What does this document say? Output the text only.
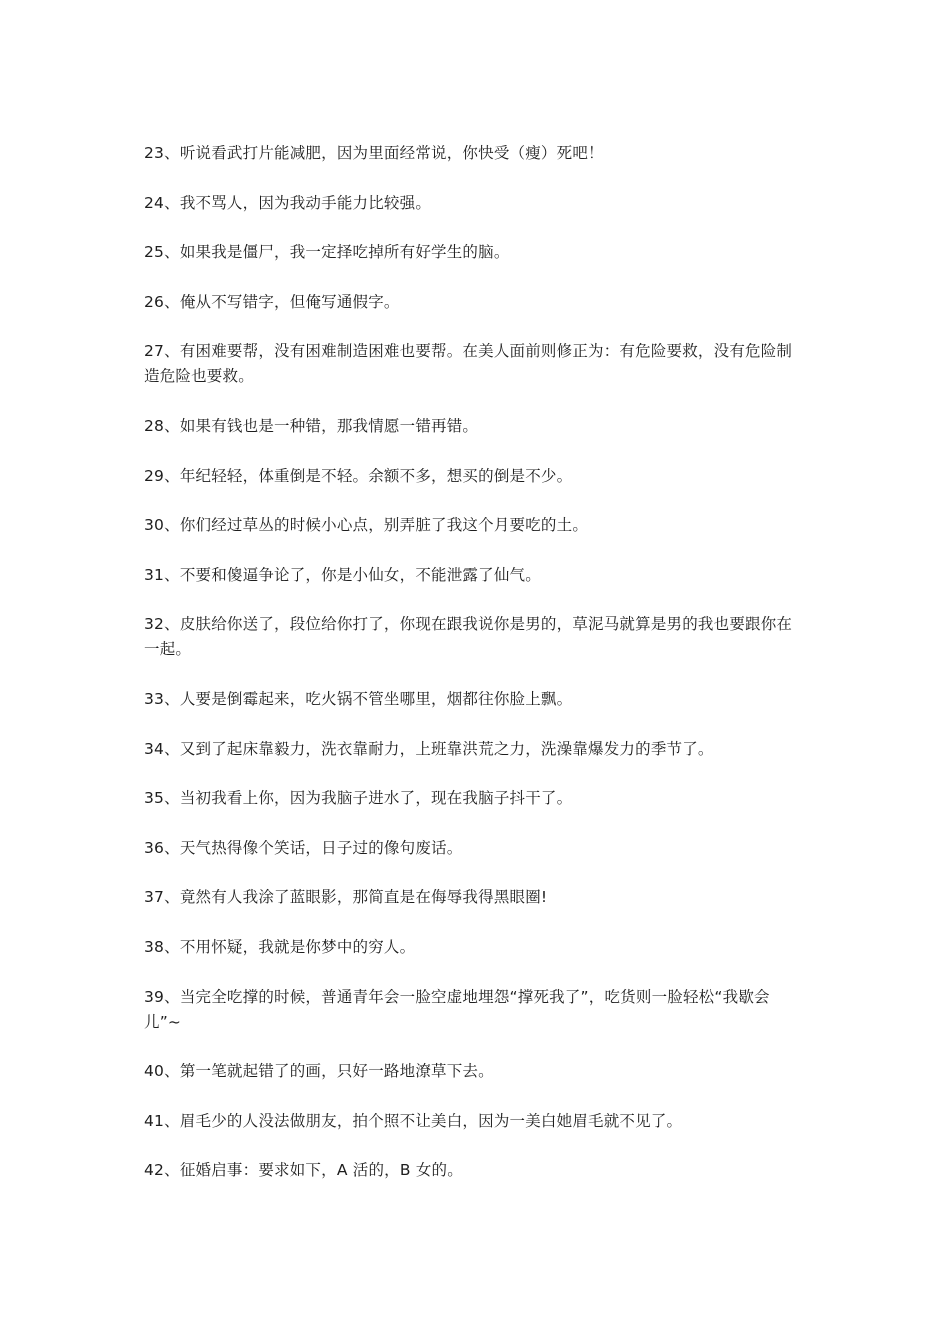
23、听说看武打片能减肥，因为里面经常说，你快受（瘦）死吧！

24、我不骂人，因为我动手能力比较强。

25、如果我是僵尸，我一定择吃掉所有好学生的脑。

26、俺从不写错字，但俺写通假字。

27、有困难要帮，没有困难制造困难也要帮。在美人面前则修正为：有危险要救，没有危险制造危险也要救。

28、如果有钱也是一种错，那我情愿一错再错。

29、年纪轻轻，体重倒是不轻。余额不多，想买的倒是不少。

30、你们经过草丛的时候小心点，别弄脏了我这个月要吃的土。

31、不要和傻逼争论了，你是小仙女，不能泄露了仙气。

32、皮肤给你送了，段位给你打了，你现在跟我说你是男的，草泥马就算是男的我也要跟你在一起。

33、人要是倒霉起来，吃火锅不管坐哪里，烟都往你脸上飘。

34、又到了起床靠毅力，洗衣靠耐力，上班靠洪荒之力，洗澡靠爆发力的季节了。

35、当初我看上你，因为我脑子进水了，现在我脑子抖干了。

36、天气热得像个笑话，日子过的像句废话。

37、竟然有人我涂了蓝眼影，那简直是在侮辱我得黑眼圈!

38、不用怀疑，我就是你梦中的穷人。

39、当完全吃撑的时候，普通青年会一脸空虚地埋怨“撑死我了”，吃货则一脸轻松“我歇会儿”~

40、第一笔就起错了的画，只好一路地潦草下去。

41、眉毛少的人没法做朋友，拍个照不让美白，因为一美白她眉毛就不见了。

42、征婚启事：要求如下，A 活的，B 女的。
